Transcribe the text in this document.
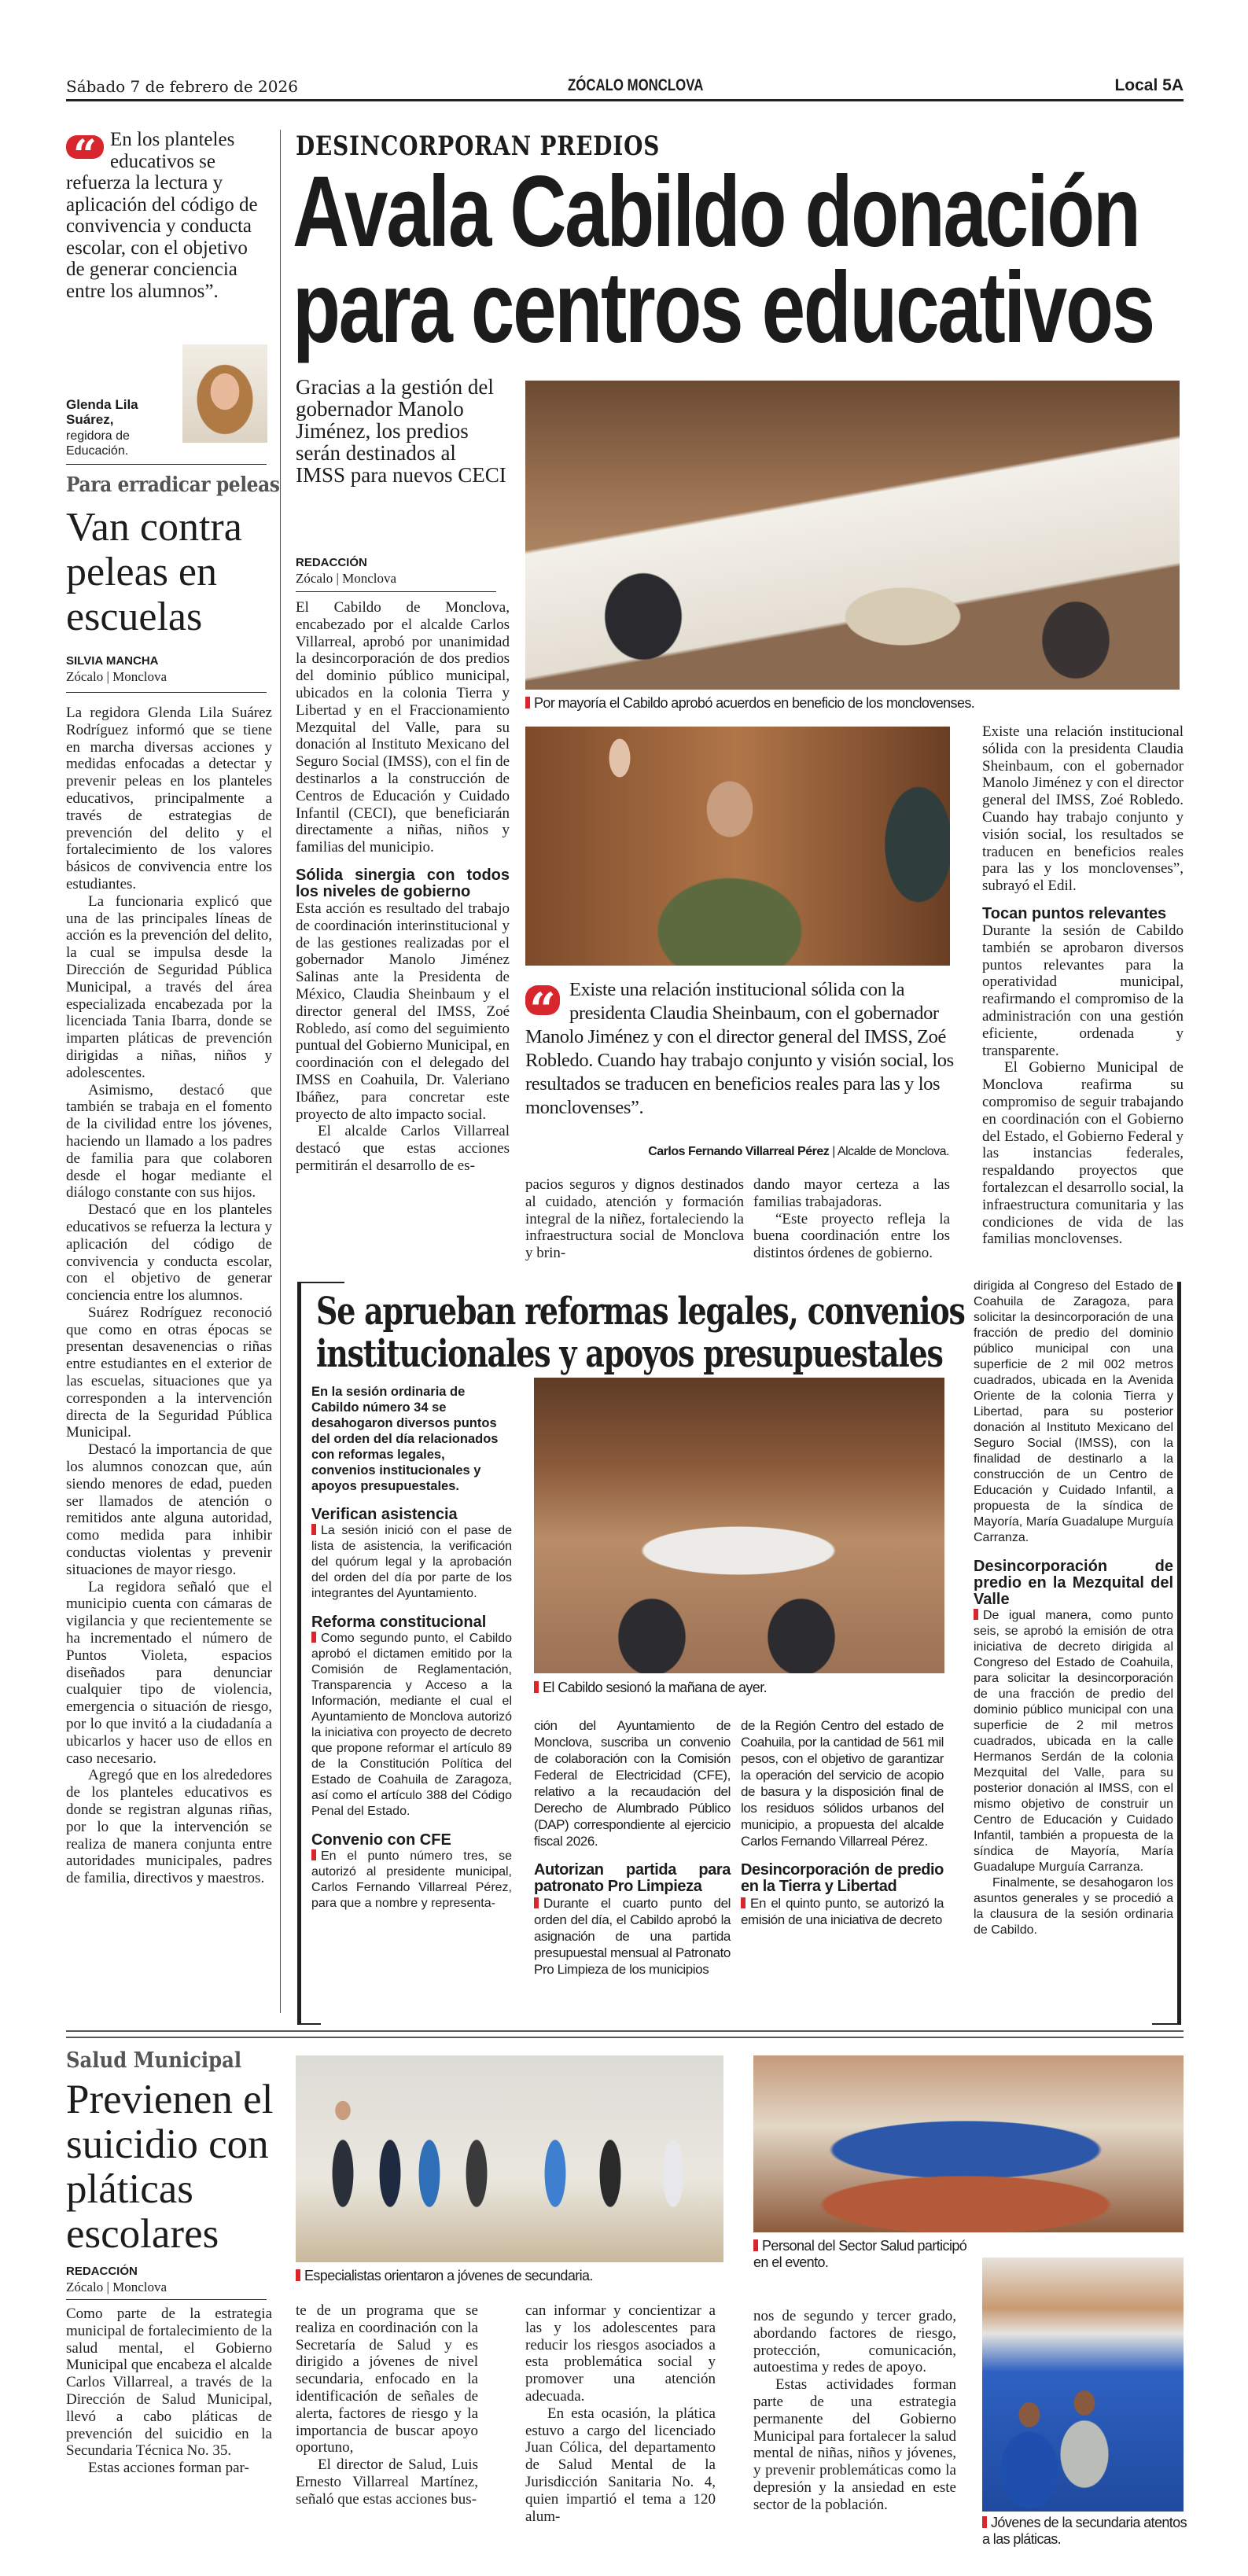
Sábado 7 de febrero de 2026	ZÓCALO MONCLOVA	Local 5A
“ En los planteles educativos se refuerza la lectura y aplicación del código de convivencia y conducta escolar, con el objetivo de generar conciencia entre los alumnos”.
Glenda Lila Suárez,
regidora de Educación.
Para erradicar peleas
Van contra peleas en escuelas
SILVIA MANCHA
Zócalo | Monclova

La regidora Glenda Lila Suárez Rodríguez informó que se tiene en marcha diversas acciones y medidas enfocadas a detectar y prevenir peleas en los planteles educativos, principalmente a través de estrategias de prevención del delito y el fortalecimiento de los valores básicos de convivencia entre los estudiantes.

La funcionaria explicó que una de las principales líneas de acción es la prevención del delito, la cual se impulsa desde la Dirección de Seguridad Pública Municipal, a través del área especializada encabezada por la licenciada Tania Ibarra, donde se imparten pláticas de prevención dirigidas a niñas, niños y adolescentes.

Asimismo, destacó que también se trabaja en el fomento de la civilidad entre los jóvenes, haciendo un llamado a los padres de familia para que colaboren desde el hogar mediante el diálogo constante con sus hijos.

Destacó que en los planteles educativos se refuerza la lectura y aplicación del código de convivencia y conducta escolar, con el objetivo de generar conciencia entre los alumnos.

Suárez Rodríguez reconoció que como en otras épocas se presentan desavenencias o riñas entre estudiantes en el exterior de las escuelas, situaciones que ya corresponden a la intervención directa de la Seguridad Pública Municipal.

Destacó la importancia de que los alumnos conozcan que, aún siendo menores de edad, pueden ser llamados de atención o remitidos ante alguna autoridad, como medida para inhibir conductas violentas y prevenir situaciones de mayor riesgo.

La regidora señaló que el municipio cuenta con cámaras de vigilancia y que recientemente se ha incrementado el número de Puntos Violeta, espacios diseñados para denunciar cualquier tipo de violencia, emergencia o situación de riesgo, por lo que invitó a la ciudadanía a ubicarlos y hacer uso de ellos en caso necesario.

Agregó que en los alrededores de los planteles educativos es donde se registran algunas riñas, por lo que la intervención se realiza de manera conjunta entre autoridades municipales, padres de familia, directivos y maestros.

DESINCORPORAN PREDIOS
Avala Cabildo donación
para centros educativos
Gracias a la gestión del gobernador Manolo Jiménez, los predios serán destinados al IMSS para nuevos CECI
REDACCIÓN
Zócalo | Monclova

El Cabildo de Monclova, encabezado por el alcalde Carlos Villarreal, aprobó por unanimidad la desincorporación de dos predios del dominio público municipal, ubicados en la colonia Tierra y Libertad y en el Fraccionamiento Mezquital del Valle, para su donación al Instituto Mexicano del Seguro Social (IMSS), con el fin de destinarlos a la construcción de Centros de Educación y Cuidado Infantil (CECI), que beneficiarán directamente a niñas, niños y familias del municipio.

Sólida sinergia con todos los niveles de gobierno

Esta acción es resultado del trabajo de coordinación interinstitucional y de las gestiones realizadas por el gobernador Manolo Jiménez Salinas ante la Presidenta de México, Claudia Sheinbaum y el director general del IMSS, Zoé Robledo, así como del seguimiento puntual del Gobierno Municipal, en coordinación con el delegado del IMSS en Coahuila, Dr. Valeriano Ibáñez, para concretar este proyecto de alto impacto social.

El alcalde Carlos Villarreal destacó que estas acciones permitirán el desarrollo de es-

Por mayoría el Cabildo aprobó acuerdos en beneficio de los monclovenses.

Existe una relación institucional sólida con la presidenta Claudia Sheinbaum, con el gobernador Manolo Jiménez y con el director general del IMSS, Zoé Robledo. Cuando hay trabajo conjunto y visión social, los resultados se traducen en beneficios reales para las y los monclovenses”, subrayó el Edil.

Tocan puntos relevantes

Durante la sesión de Cabildo también se aprobaron diversos puntos relevantes para la operatividad municipal, reafirmando el compromiso de la administración con una gestión eficiente, ordenada y transparente.

El Gobierno Municipal de Monclova reafirma su compromiso de seguir trabajando en coordinación con el Gobierno del Estado, el Gobierno Federal y las instancias federales, respaldando proyectos que fortalezcan el desarrollo social, la infraestructura comunitaria y las condiciones de vida de las familias monclovenses.

“ Existe una relación institucional sólida con la presidenta Claudia Sheinbaum, con el gobernador Manolo Jiménez y con el director general del IMSS, Zoé Robledo. Cuando hay trabajo conjunto y visión social, los resultados se traducen en beneficios reales para las y los monclovenses”.
Carlos Fernando Villarreal Pérez | Alcalde de Monclova.

pacios seguros y dignos destinados al cuidado, atención y formación integral de la niñez, fortaleciendo la infraestructura social de Monclova y brin-

dando mayor certeza a las familias trabajadoras.

“Este proyecto refleja la buena coordinación entre los distintos órdenes de gobierno.

Se aprueban reformas legales, convenios
institucionales y apoyos presupuestales

En la sesión ordinaria de Cabildo número 34 se desahogaron diversos puntos del orden del día relacionados con reformas legales, convenios institucionales y apoyos presupuestales.

Verifican asistencia

La sesión inició con el pase de lista de asistencia, la verificación del quórum legal y la aprobación del orden del día por parte de los integrantes del Ayuntamiento.

Reforma constitucional

Como segundo punto, el Cabildo aprobó el dictamen emitido por la Comisión de Reglamentación, Transparencia y Acceso a la Información, mediante el cual el Ayuntamiento de Monclova autorizó la iniciativa con proyecto de decreto que propone reformar el artículo 89 de la Constitución Política del Estado de Coahuila de Zaragoza, así como el artículo 388 del Código Penal del Estado.

Convenio con CFE

En el punto número tres, se autorizó al presidente municipal, Carlos Fernando Villarreal Pérez, para que a nombre y representa-

El Cabildo sesionó la mañana de ayer.

ción del Ayuntamiento de Monclova, suscriba un convenio de colaboración con la Comisión Federal de Electricidad (CFE), relativo a la recaudación del Derecho de Alumbrado Público (DAP) correspondiente al ejercicio fiscal 2026.

Autorizan partida para patronato Pro Limpieza

Durante el cuarto punto del orden del día, el Cabildo aprobó la asignación de una partida presupuestal mensual al Patronato Pro Limpieza de los municipios

de la Región Centro del estado de Coahuila, por la cantidad de 561 mil pesos, con el objetivo de garantizar la operación del servicio de acopio de basura y la disposición final de los residuos sólidos urbanos del municipio, a propuesta del alcalde Carlos Fernando Villarreal Pérez.

Desincorporación de predio en la Tierra y Libertad

En el quinto punto, se autorizó la emisión de una iniciativa de decreto

dirigida al Congreso del Estado de Coahuila de Zaragoza, para solicitar la desincorporación de una fracción de predio del dominio público municipal con una superficie de 2 mil 002 metros cuadrados, ubicada en la Avenida Oriente de la colonia Tierra y Libertad, para su posterior donación al Instituto Mexicano del Seguro Social (IMSS), con la finalidad de destinarlo a la construcción de un Centro de Educación y Cuidado Infantil, a propuesta de la síndica de Mayoría, María Guadalupe Murguía Carranza.

Desincorporación de predio en la Mezquital del Valle

De igual manera, como punto seis, se aprobó la emisión de otra iniciativa de decreto dirigida al Congreso del Estado de Coahuila, para solicitar la desincorporación de una fracción de predio del dominio público municipal con una superficie de 2 mil metros cuadrados, ubicada en la calle Hermanos Serdán de la colonia Mezquital del Valle, para su posterior donación al IMSS, con el mismo objetivo de construir un Centro de Educación y Cuidado Infantil, también a propuesta de la síndica de Mayoría, María Guadalupe Murguía Carranza.

Finalmente, se desahogaron los asuntos generales y se procedió a la clausura de la sesión ordinaria de Cabildo.

Salud Municipal
Previenen el suicidio con pláticas escolares
REDACCIÓN
Zócalo | Monclova

Como parte de la estrategia municipal de fortalecimiento de la salud mental, el Gobierno Municipal que encabeza el alcalde Carlos Villarreal, a través de la Dirección de Salud Municipal, llevó a cabo pláticas de prevención del suicidio en la Secundaria Técnica No. 35.

Estas acciones forman par-

Especialistas orientaron a jóvenes de secundaria.

te de un programa que se realiza en coordinación con la Secretaría de Salud y es dirigido a jóvenes de nivel secundaria, enfocado en la identificación de señales de alerta, factores de riesgo y la importancia de buscar apoyo oportuno,

El director de Salud, Luis Ernesto Villarreal Martínez, señaló que estas acciones bus-

can informar y concientizar a las y los adolescentes para reducir los riesgos asociados a esta problemática social y promover una atención adecuada.

En esta ocasión, la plática estuvo a cargo del licenciado Juan Cólica, del departamento de Salud Mental de la Jurisdicción Sanitaria No. 4, quien impartió el tema a 120 alum-

Personal del Sector Salud participó en el evento.

nos de segundo y tercer grado, abordando factores de riesgo, protección, comunicación, autoestima y redes de apoyo.

Estas actividades forman parte de una estrategia permanente del Gobierno Municipal para fortalecer la salud mental de niñas, niños y jóvenes, y prevenir problemáticas como la depresión y la ansiedad en este sector de la población.

Jóvenes de la secundaria atentos a las pláticas.
